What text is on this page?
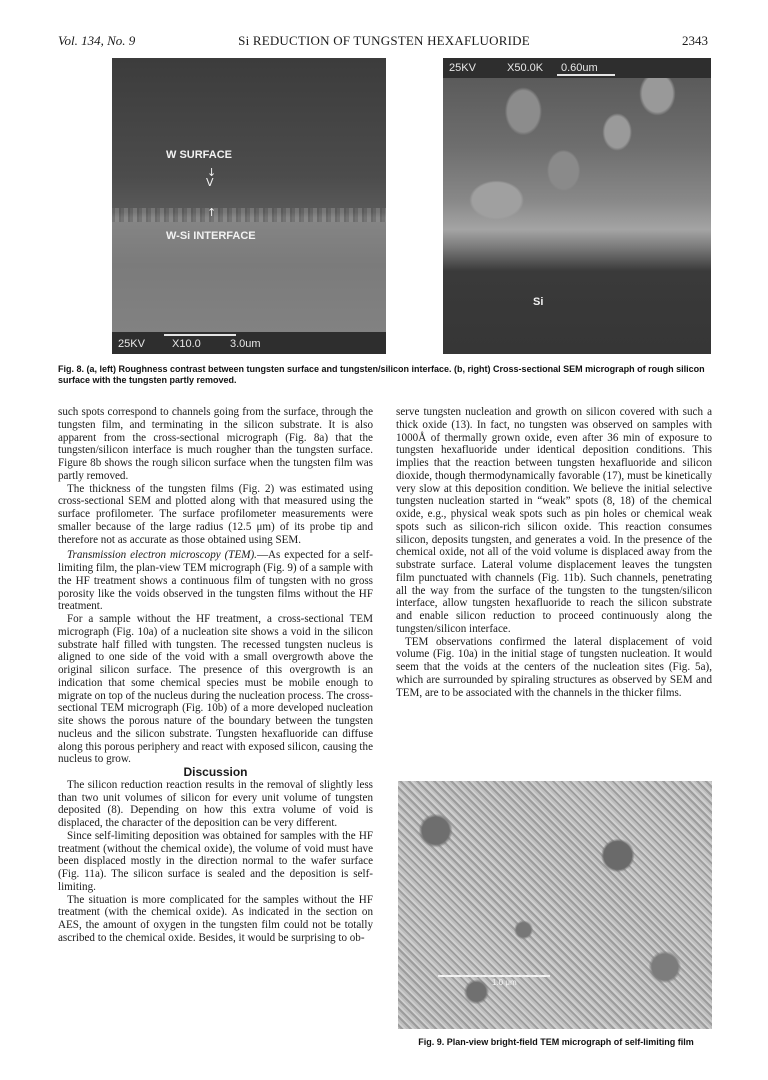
Vol. 134, No. 9	Si REDUCTION OF TUNGSTEN HEXAFLUORIDE	2343
W SURFACE
↓
V
↑
W-Si INTERFACE
25KV X10.0	3.0um
25KV	X50.0K 0.60um
Si
Fig. 8. (a, left) Roughness contrast between tungsten surface and tungsten/silicon interface. (b, right) Cross-sectional SEM micrograph of rough silicon surface with the tungsten partly removed.

such spots correspond to channels going from the surface, through the tungsten film, and terminating in the silicon substrate. It is also apparent from the cross-sectional micrograph (Fig. 8a) that the tungsten/silicon interface is much rougher than the tungsten surface. Figure 8b shows the rough silicon surface when the tungsten film was partly removed.

The thickness of the tungsten films (Fig. 2) was estimated using cross-sectional SEM and plotted along with that measured using the surface profilometer. The surface profilometer measurements were smaller because of the large radius (12.5 μm) of its probe tip and therefore not as accurate as those obtained using SEM.

Transmission electron microscopy (TEM).—As expected for a self-limiting film, the plan-view TEM micrograph (Fig. 9) of a sample with the HF treatment shows a continuous film of tungsten with no gross porosity like the voids observed in the tungsten films without the HF treatment.

For a sample without the HF treatment, a cross-sectional TEM micrograph (Fig. 10a) of a nucleation site shows a void in the silicon substrate half filled with tungsten. The recessed tungsten nucleus is aligned to one side of the void with a small overgrowth above the original silicon surface. The presence of this overgrowth is an indication that some chemical species must be mobile enough to migrate on top of the nucleus during the nucleation process. The cross-sectional TEM micrograph (Fig. 10b) of a more developed nucleation site shows the porous nature of the boundary between the tungsten nucleus and the silicon substrate. Tungsten hexafluoride can diffuse along this porous periphery and react with exposed silicon, causing the nucleus to grow.

Discussion

The silicon reduction reaction results in the removal of slightly less than two unit volumes of silicon for every unit volume of tungsten deposited (8). Depending on how this extra volume of void is displaced, the character of the deposition can be very different.

Since self-limiting deposition was obtained for samples with the HF treatment (without the chemical oxide), the volume of void must have been displaced mostly in the direction normal to the wafer surface (Fig. 11a). The silicon surface is sealed and the deposition is self-limiting.

The situation is more complicated for the samples without the HF treatment (with the chemical oxide). As indicated in the section on AES, the amount of oxygen in the tungsten film could not be totally ascribed to the chemical oxide. Besides, it would be surprising to ob-

serve tungsten nucleation and growth on silicon covered with such a thick oxide (13). In fact, no tungsten was observed on samples with 1000Å of thermally grown oxide, even after 36 min of exposure to tungsten hexafluoride under identical deposition conditions. This implies that the reaction between tungsten hexafluoride and silicon dioxide, though thermodynamically favorable (17), must be kinetically very slow at this deposition condition. We believe the initial selective tungsten nucleation started in “weak” spots (8, 18) of the chemical oxide, e.g., physical weak spots such as pin holes or chemical weak spots such as silicon-rich silicon oxide. This reaction consumes silicon, deposits tungsten, and generates a void. In the presence of the chemical oxide, not all of the void volume is displaced away from the substrate surface. Lateral volume displacement leaves the tungsten film punctuated with channels (Fig. 11b). Such channels, penetrating all the way from the surface of the tungsten to the tungsten/silicon interface, allow tungsten hexafluoride to reach the silicon substrate and enable silicon reduction to proceed continuously along the tungsten/silicon interface.

TEM observations confirmed the lateral displacement of void volume (Fig. 10a) in the initial stage of tungsten nucleation. It would seem that the voids at the centers of the nucleation sites (Fig. 5a), which are surrounded by spiraling structures as observed by SEM and TEM, are to be associated with the channels in the thicker films.

1.0 μm
Fig. 9. Plan-view bright-field TEM micrograph of self-limiting film
